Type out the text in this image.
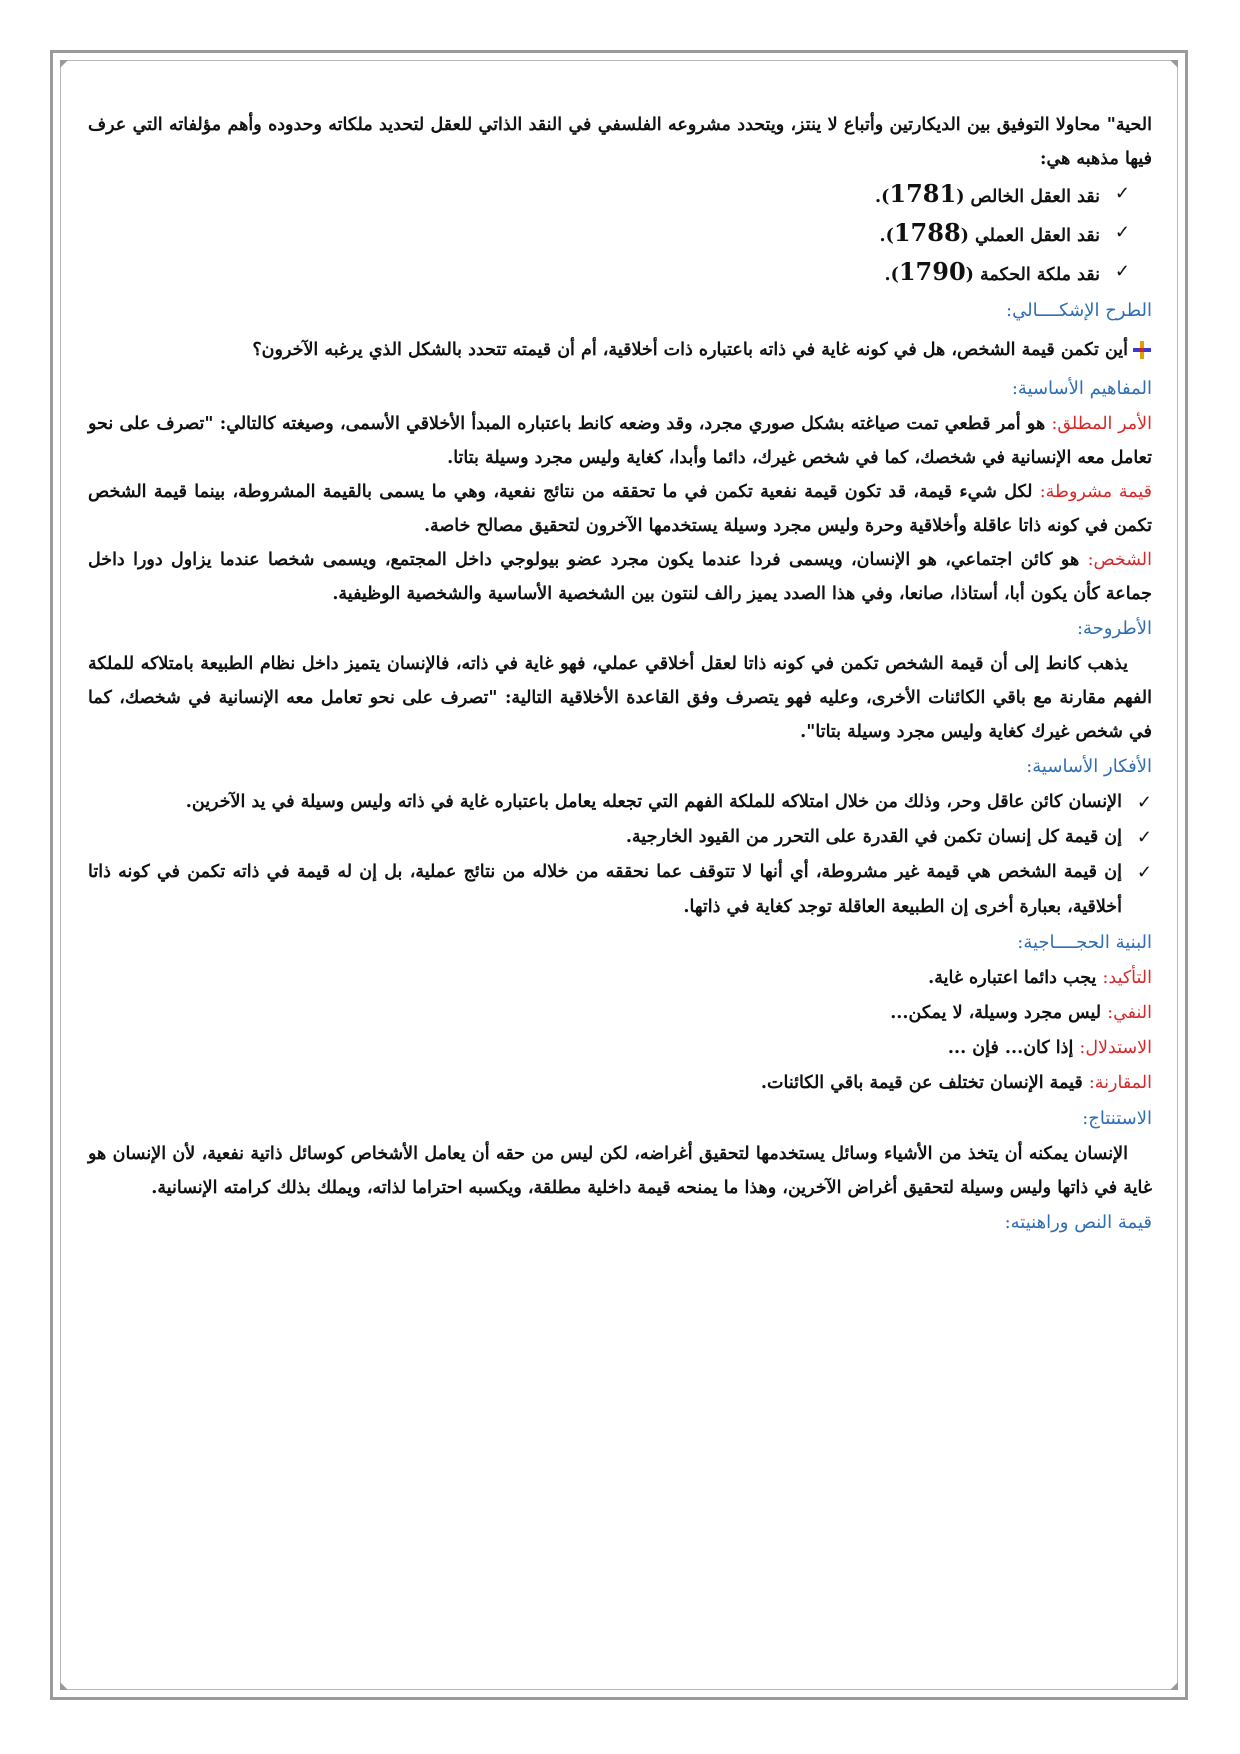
الحية" محاولا التوفيق بين الديكارتين وأتباع لا ينتز، ويتحدد مشروعه الفلسفي في النقد الذاتي للعقل لتحديد ملكاته وحدوده وأهم مؤلفاته التي عرف فيها مذهبه هي:

✓
نقد العقل الخالص (1781).
✓
نقد العقل العملي (1788).
✓
نقد ملكة الحكمة (1790).

الطرح الإشكــــالي:

أين تكمن قيمة الشخص، هل في كونه غاية في ذاته باعتباره ذات أخلاقية، أم أن قيمته تتحدد بالشكل الذي يرغبه الآخرون؟

المفاهيم الأساسية:

الأمر المطلق: هو أمر قطعي تمت صياغته بشكل صوري مجرد، وقد وضعه كانط باعتباره المبدأ الأخلاقي الأسمى، وصيغته كالتالي: "تصرف على نحو تعامل معه الإنسانية في شخصك، كما في شخص غيرك، دائما وأبدا، كغاية وليس مجرد وسيلة بتاتا.

قيمة مشروطة: لكل شيء قيمة، قد تكون قيمة نفعية تكمن في ما تحققه من نتائج نفعية، وهي ما يسمى بالقيمة المشروطة، بينما قيمة الشخص تكمن في كونه ذاتا عاقلة وأخلاقية وحرة وليس مجرد وسيلة يستخدمها الآخرون لتحقيق مصالح خاصة.

الشخص: هو كائن اجتماعي، هو الإنسان، ويسمى فردا عندما يكون مجرد عضو بيولوجي داخل المجتمع، ويسمى شخصا عندما يزاول دورا داخل جماعة كأن يكون أبا، أستاذا، صانعا، وفي هذا الصدد يميز رالف لنتون بين الشخصية الأساسية والشخصية الوظيفية.

الأطروحة:

يذهب كانط إلى أن قيمة الشخص تكمن في كونه ذاتا لعقل أخلاقي عملي، فهو غاية في ذاته، فالإنسان يتميز داخل نظام الطبيعة بامتلاكه للملكة الفهم مقارنة مع باقي الكائنات الأخرى، وعليه فهو يتصرف وفق القاعدة الأخلاقية التالية: "تصرف على نحو تعامل معه الإنسانية في شخصك، كما في شخص غيرك كغاية وليس مجرد وسيلة بتاتا".

الأفكار الأساسية:

✓
الإنسان كائن عاقل وحر، وذلك من خلال امتلاكه للملكة الفهم التي تجعله يعامل باعتباره غاية في ذاته وليس وسيلة في يد الآخرين.
✓
إن قيمة كل إنسان تكمن في القدرة على التحرر من القيود الخارجية.
✓
إن قيمة الشخص هي قيمة غير مشروطة، أي أنها لا تتوقف عما نحققه من خلاله من نتائج عملية، بل إن له قيمة في ذاته تكمن في كونه ذاتا أخلاقية، بعبارة أخرى إن الطبيعة العاقلة توجد كغاية في ذاتها.

البنية الحجــــاجية:

التأكيد: يجب دائما اعتباره غاية.

النفي: ليس مجرد وسيلة، لا يمكن...

الاستدلال: إذا كان... فإن ...

المقارنة: قيمة الإنسان تختلف عن قيمة باقي الكائنات.

الاستنتاج:

الإنسان يمكنه أن يتخذ من الأشياء وسائل يستخدمها لتحقيق أغراضه، لكن ليس من حقه أن يعامل الأشخاص كوسائل ذاتية نفعية، لأن الإنسان هو غاية في ذاتها وليس وسيلة لتحقيق أغراض الآخرين، وهذا ما يمنحه قيمة داخلية مطلقة، ويكسبه احتراما لذاته، ويملك بذلك كرامته الإنسانية.

قيمة النص وراهنيته:
